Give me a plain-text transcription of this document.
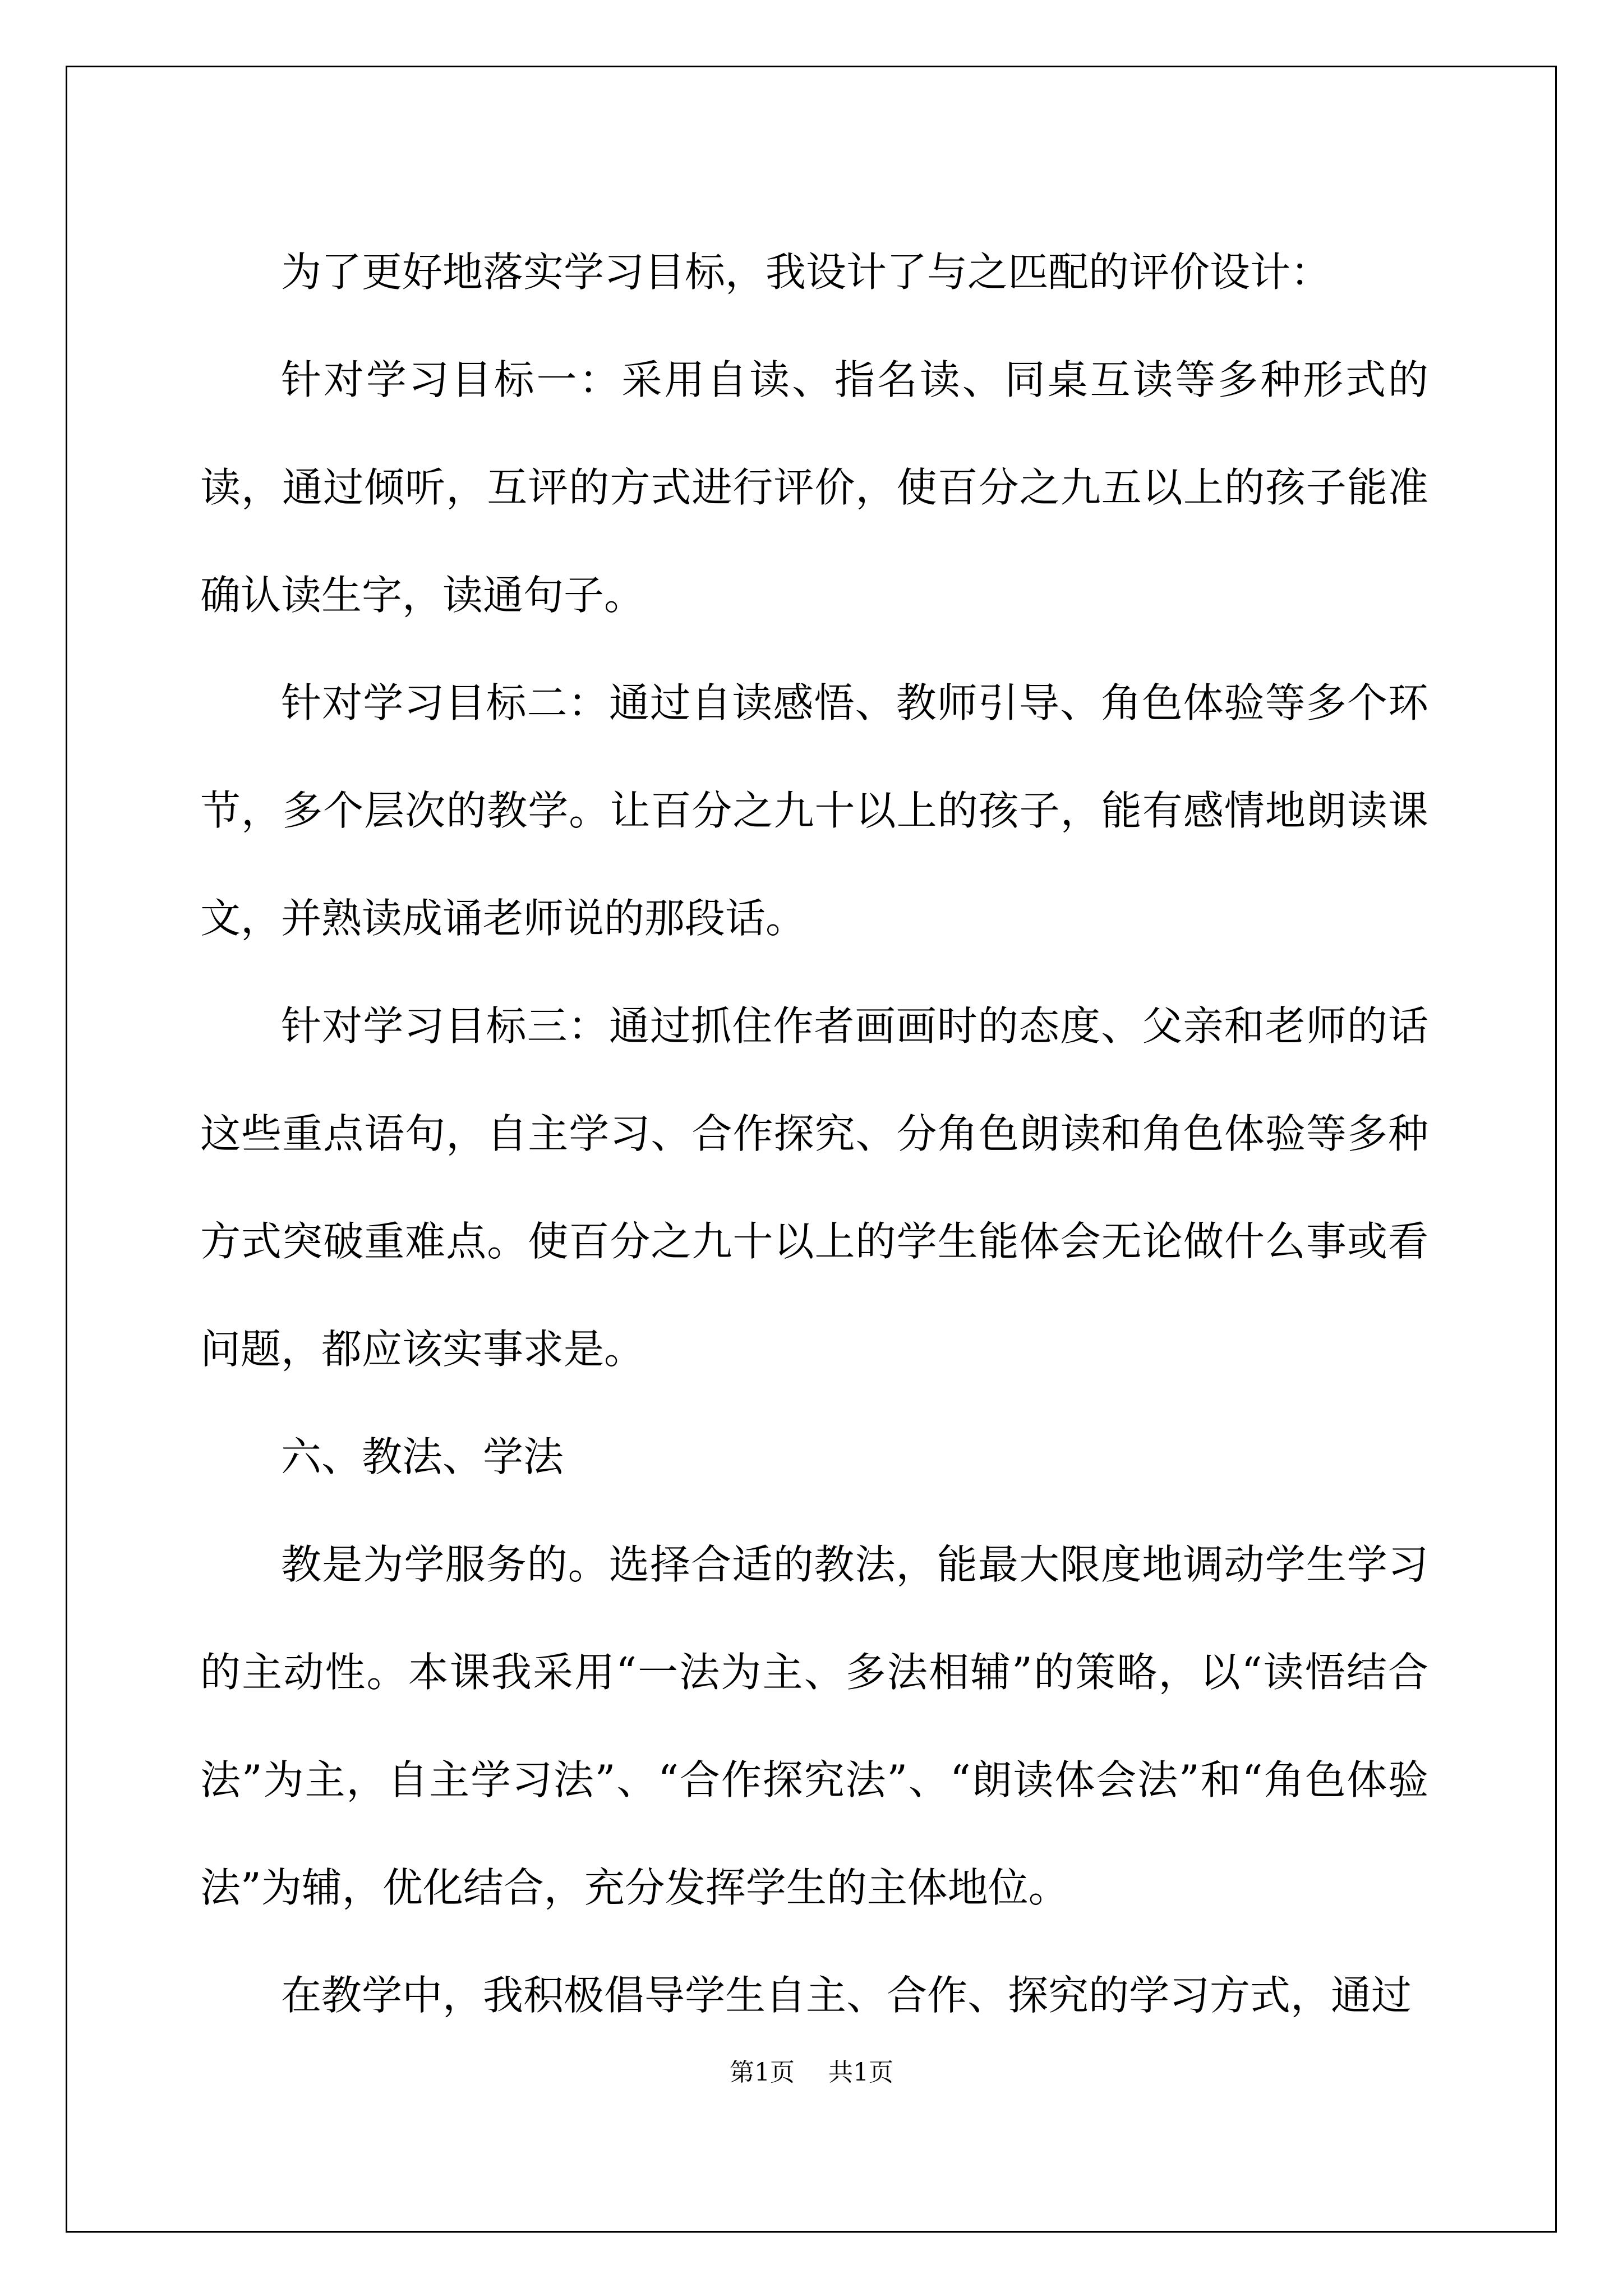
为了更好地落实学习目标，我设计了与之匹配的评价设计：

针对学习目标一：采用自读、指名读、同桌互读等多种形式的读，通过倾听，互评的方式进行评价，使百分之九五以上的孩子能准确认读生字，读通句子。

针对学习目标二：通过自读感悟、教师引导、角色体验等多个环节，多个层次的教学。让百分之九十以上的孩子，能有感情地朗读课文，并熟读成诵老师说的那段话。

针对学习目标三：通过抓住作者画画时的态度、父亲和老师的话这些重点语句，自主学习、合作探究、分角色朗读和角色体验等多种方式突破重难点。使百分之九十以上的学生能体会无论做什么事或看问题，都应该实事求是。

六、教法、学法

教是为学服务的。选择合适的教法，能最大限度地调动学生学习的主动性。本课我采用“一法为主、多法相辅”的策略，以“读悟结合法”为主，自主学习法”、“合作探究法”、“朗读体会法”和“角色体验法”为辅，优化结合，充分发挥学生的主体地位。

在教学中，我积极倡导学生自主、合作、探究的学习方式，通过

第1页 共1页
